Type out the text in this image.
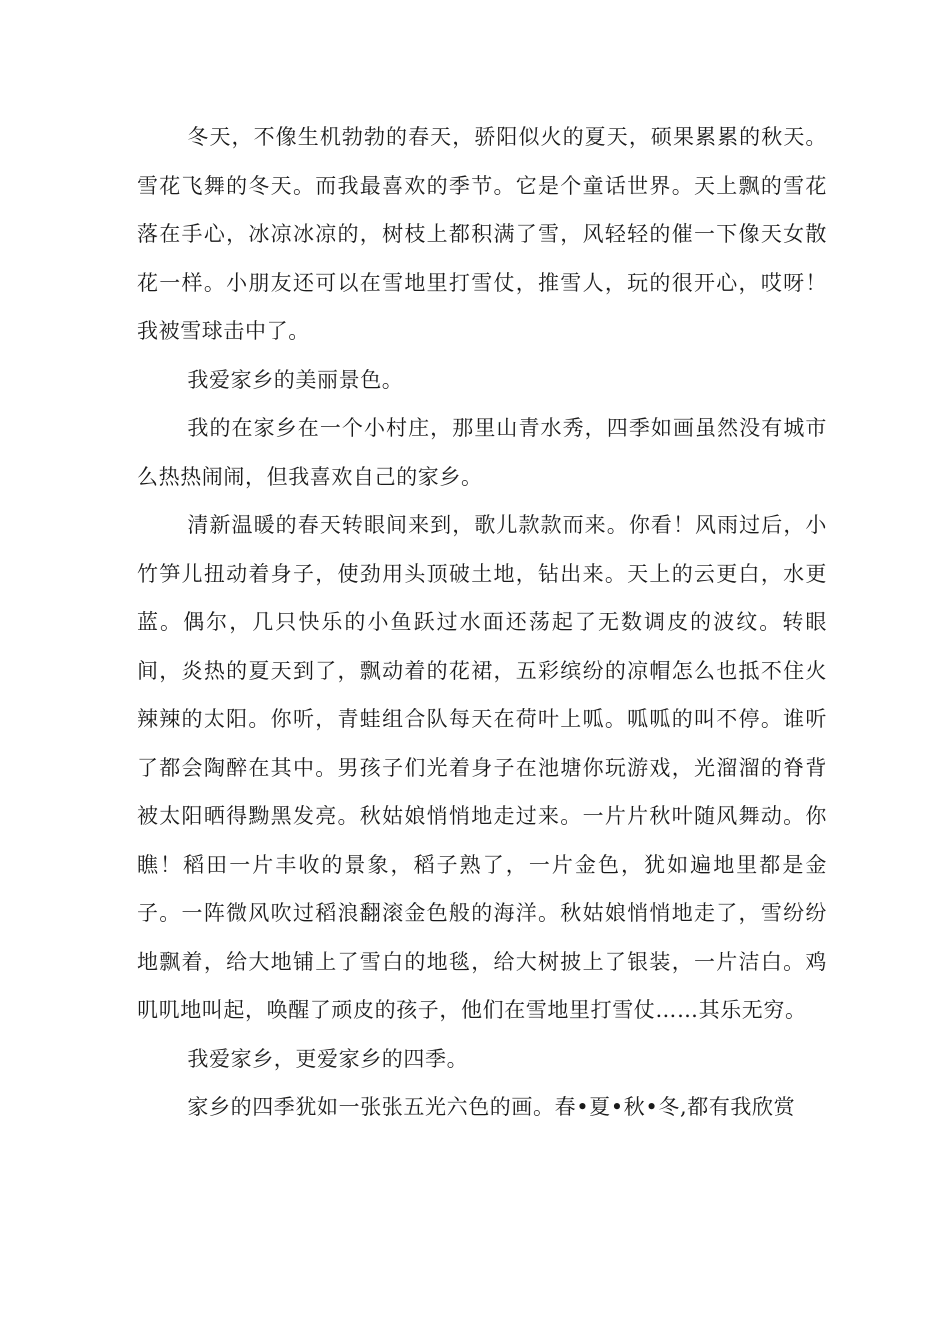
冬天，不像生机勃勃的春天，骄阳似火的夏天，硕果累累的秋天。雪花飞舞的冬天。而我最喜欢的季节。它是个童话世界。天上飘的雪花落在手心，冰凉冰凉的，树枝上都积满了雪，风轻轻的催一下像天女散花一样。小朋友还可以在雪地里打雪仗，推雪人，玩的很开心，哎呀！我被雪球击中了。

我爱家乡的美丽景色。

我的在家乡在一个小村庄，那里山青水秀，四季如画虽然没有城市么热热闹闹，但我喜欢自己的家乡。

清新温暖的春天转眼间来到，歌儿款款而来。你看！风雨过后，小竹笋儿扭动着身子，使劲用头顶破土地，钻出来。天上的云更白，水更蓝。偶尔，几只快乐的小鱼跃过水面还荡起了无数调皮的波纹。转眼间，炎热的夏天到了，飘动着的花裙，五彩缤纷的凉帽怎么也抵不住火辣辣的太阳。你听，青蛙组合队每天在荷叶上呱。呱呱的叫不停。谁听了都会陶醉在其中。男孩子们光着身子在池塘你玩游戏，光溜溜的脊背被太阳晒得黝黑发亮。秋姑娘悄悄地走过来。一片片秋叶随风舞动。你瞧！稻田一片丰收的景象，稻子熟了，一片金色，犹如遍地里都是金子。一阵微风吹过稻浪翻滚金色般的海洋。秋姑娘悄悄地走了，雪纷纷地飘着，给大地铺上了雪白的地毯，给大树披上了银装，一片洁白。鸡叽叽地叫起，唤醒了顽皮的孩子，他们在雪地里打雪仗……其乐无穷。

我爱家乡，更爱家乡的四季。

家乡的四季犹如一张张五光六色的画。春•夏•秋•冬,都有我欣赏
